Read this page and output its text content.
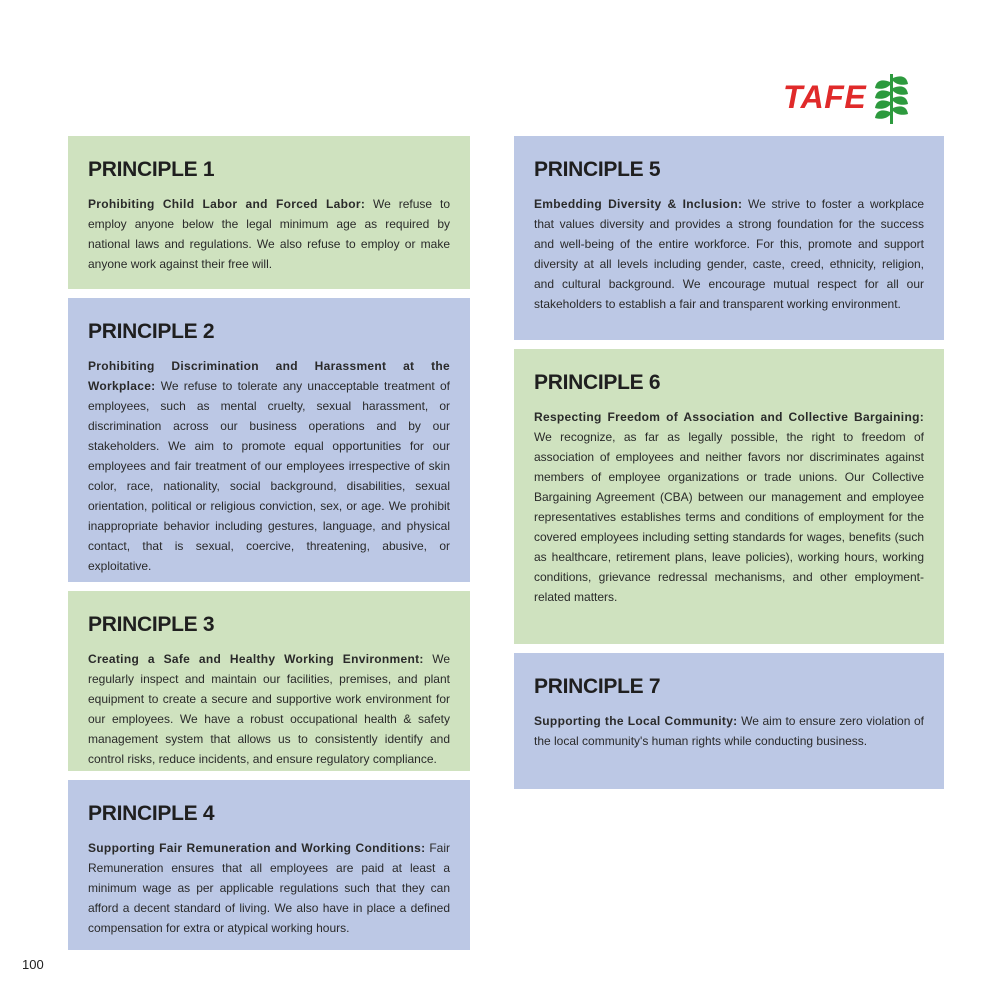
TAFE
PRINCIPLE 1

Prohibiting Child Labor and Forced Labor: We refuse to employ anyone below the legal minimum age as required by national laws and regulations. We also refuse to employ or make anyone work against their free will.

PRINCIPLE 2

Prohibiting Discrimination and Harassment at the Workplace: We refuse to tolerate any unacceptable treatment of employees, such as mental cruelty, sexual harassment, or discrimination across our business operations and by our stakeholders. We aim to promote equal opportunities for our employees and fair treatment of our employees irrespective of skin color, race, nationality, social background, disabilities, sexual orientation, political or religious conviction, sex, or age. We prohibit inappropriate behavior including gestures, language, and physical contact, that is sexual, coercive, threatening, abusive, or exploitative.

PRINCIPLE 3

Creating a Safe and Healthy Working Environment: We regularly inspect and maintain our facilities, premises, and plant equipment to create a secure and supportive work environment for our employees. We have a robust occupational health & safety management system that allows us to consistently identify and control risks, reduce incidents, and ensure regulatory compliance.

PRINCIPLE 4

Supporting Fair Remuneration and Working Conditions: Fair Remuneration ensures that all employees are paid at least a minimum wage as per applicable regulations such that they can afford a decent standard of living. We also have in place a defined compensation for extra or atypical working hours.

PRINCIPLE 5

Embedding Diversity & Inclusion: We strive to foster a workplace that values diversity and provides a strong foundation for the success and well-being of the entire workforce. For this, promote and support diversity at all levels including gender, caste, creed, ethnicity, religion, and cultural background. We encourage mutual respect for all our stakeholders to establish a fair and transparent working environment.

PRINCIPLE 6

Respecting Freedom of Association and Collective Bargaining: We recognize, as far as legally possible, the right to freedom of association of employees and neither favors nor discriminates against members of employee organizations or trade unions. Our Collective Bargaining Agreement (CBA) between our management and employee representatives establishes terms and conditions of employment for the covered employees including setting standards for wages, benefits (such as healthcare, retirement plans, leave policies), working hours, working conditions, grievance redressal mechanisms, and other employment-related matters.

PRINCIPLE 7

Supporting the Local Community: We aim to ensure zero violation of the local community's human rights while conducting business.

100
